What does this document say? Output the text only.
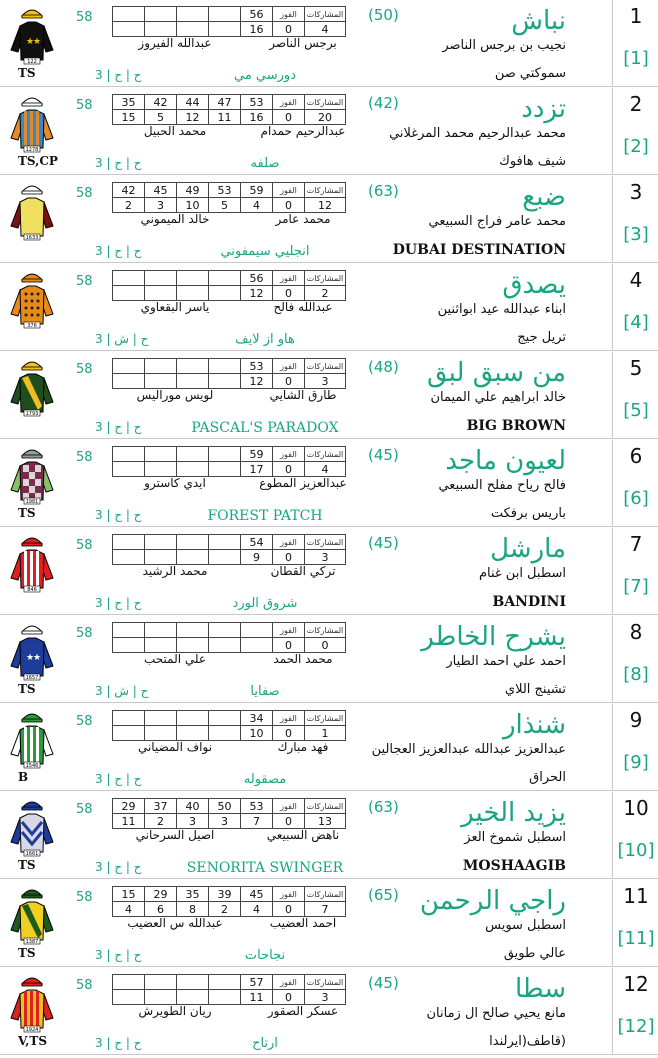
1
[1]
نباش
(50)
نجيب بن برجس الناصر
سموكتي صن
دورسي مي
ح | ح | 3
58
برجس الناصر
عبدالله الفيروز
TS
★
★
122
				56	الفوز	المشاركات
				16	0	4
2
[2]
تزدد
(42)
محمد عبدالرحيم محمد المرغلاني
شيف هافوك
صلفه
ح | ح | 3
58
عبدالرحيم حمدام
محمد الحبيل
TS,CP
1278
35	42	44	47	53	الفوز	المشاركات
15	5	12	11	16	0	20
3
[3]
ضبع
(63)
محمد عامر فراج السبيعي
DUBAI DESTINATION
انجليي سيمفوني
ح | ح | 3
58
محمد عامر
خالد الميموني
1633
42	45	49	53	59	الفوز	المشاركات
2	3	10	5	4	0	12
4
[4]
يصدق
ابناء عبدالله عيد ابواثنين
تريل جيج
هاو از لايف
ح | ش | 3
58
عبدالله فالح
ياسر البقعاوي
376
				56	الفوز	المشاركات
				12	0	2
5
[5]
من سبق لبق
(48)
خالد ابراهيم علي الميمان
BIG BROWN
PASCAL'S PARADOX
ح | ح | 3
58
طارق الشايي
لويس موراليس
1793
				53	الفوز	المشاركات
				12	0	3
6
[6]
لعيون ماجد
(45)
فالح رياح مفلح السبيعي
باريس برفكت
FOREST PATCH
ح | ح | 3
58
عبدالعزيز المطوع
ايدي كاسترو
TS
1981
				59	الفوز	المشاركات
				17	0	4
7
[7]
مارشل
(45)
اسطبل ابن غنام
BANDINI
شروق الورد
ح | ح | 3
58
تركي القطان
محمد الرشيد
846
				54	الفوز	المشاركات
				9	0	3
8
[8]
يشرح الخاطر
احمد علي احمد الطيار
تشينج اللاي
صفايا
ح | ش | 3
58
محمد الحمد
علي المتحب
TS
★
★
1657
					الفوز	المشاركات
					0	0
9
[9]
شنذار
عبدالعزيز عبدالله عبدالعزيز العجالين
الحراق
مصقوله
ح | ح | 3
58
فهد مبارك
نواف المضياني
B
1546
				34	الفوز	المشاركات
				10	0	1
10
[10]
يزيد الخير
(63)
اسطبل شموخ العز
MOSHAAGIB
SENORITA SWINGER
ح | ح | 3
58
ناهض السبيعي
اصيل السرحاني
TS
1661
29	37	40	50	53	الفوز	المشاركات
11	2	3	3	7	0	13
11
[11]
راجي الرحمن
(65)
اسطبل سويس
عالي طويق
نجاحات
ح | ح | 3
58
احمد العضيب
عبدالله س العضيب
TS
1387
15	29	35	39	45	الفوز	المشاركات
4	6	8	2	4	0	7
12
[12]
سطا
(45)
مانع يحيي صالح ال زمانان
(قاطف(ايرلندا
ارتاح
ح | ح | 3
58
عسكر الصقور
ريان الطويرش
V,TS
1924
				57	الفوز	المشاركات
				11	0	3
